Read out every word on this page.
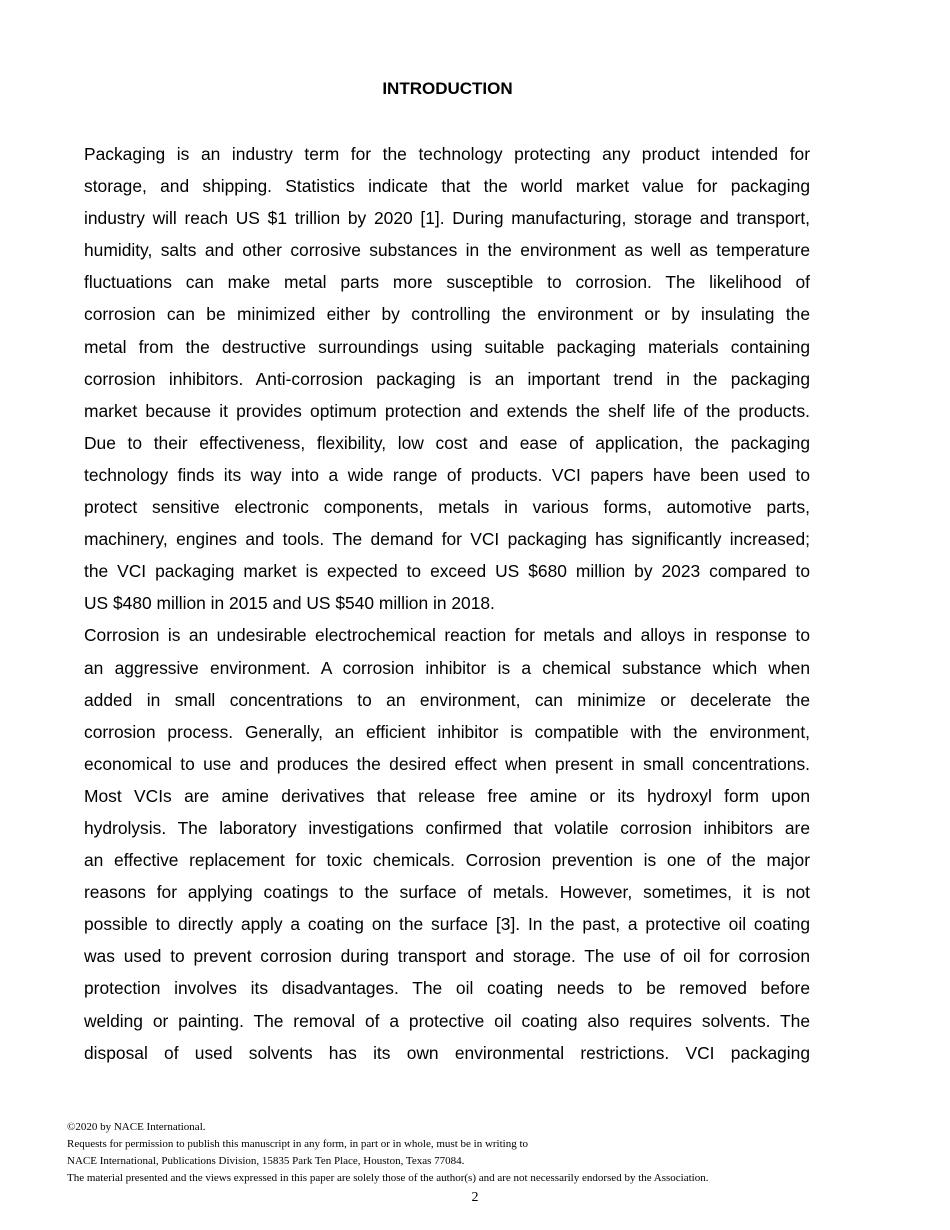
INTRODUCTION
Packaging is an industry term for the technology protecting any product intended for
storage, and shipping. Statistics indicate that the world market value for packaging
industry will reach US $1 trillion by 2020 [1]. During manufacturing, storage and transport,
humidity, salts and other corrosive substances in the environment as well as temperature
fluctuations can make metal parts more susceptible to corrosion. The likelihood of
corrosion can be minimized either by controlling the environment or by insulating the
metal from the destructive surroundings using suitable packaging materials containing
corrosion inhibitors. Anti-corrosion packaging is an important trend in the packaging
market because it provides optimum protection and extends the shelf life of the products.
Due to their effectiveness, flexibility, low cost and ease of application, the packaging
technology finds its way into a wide range of products. VCI papers have been used to
protect sensitive electronic components, metals in various forms, automotive parts,
machinery, engines and tools. The demand for VCI packaging has significantly increased;
the VCI packaging market is expected to exceed US $680 million by 2023 compared to
US $480 million in 2015 and US $540 million in 2018.
Corrosion is an undesirable electrochemical reaction for metals and alloys in response to
an aggressive environment. A corrosion inhibitor is a chemical substance which when
added in small concentrations to an environment, can minimize or decelerate the
corrosion process. Generally, an efficient inhibitor is compatible with the environment,
economical to use and produces the desired effect when present in small concentrations.
Most VCIs are amine derivatives that release free amine or its hydroxyl form upon
hydrolysis. The laboratory investigations confirmed that volatile corrosion inhibitors are
an effective replacement for toxic chemicals. Corrosion prevention is one of the major
reasons for applying coatings to the surface of metals. However, sometimes, it is not
possible to directly apply a coating on the surface [3]. In the past, a protective oil coating
was used to prevent corrosion during transport and storage. The use of oil for corrosion
protection involves its disadvantages. The oil coating needs to be removed before
welding or painting. The removal of a protective oil coating also requires solvents. The
disposal of used solvents has its own environmental restrictions. VCI packaging
©2020 by NACE International.
Requests for permission to publish this manuscript in any form, in part or in whole, must be in writing to
NACE International, Publications Division, 15835 Park Ten Place, Houston, Texas 77084.
The material presented and the views expressed in this paper are solely those of the author(s) and are not necessarily endorsed by the Association.
2
